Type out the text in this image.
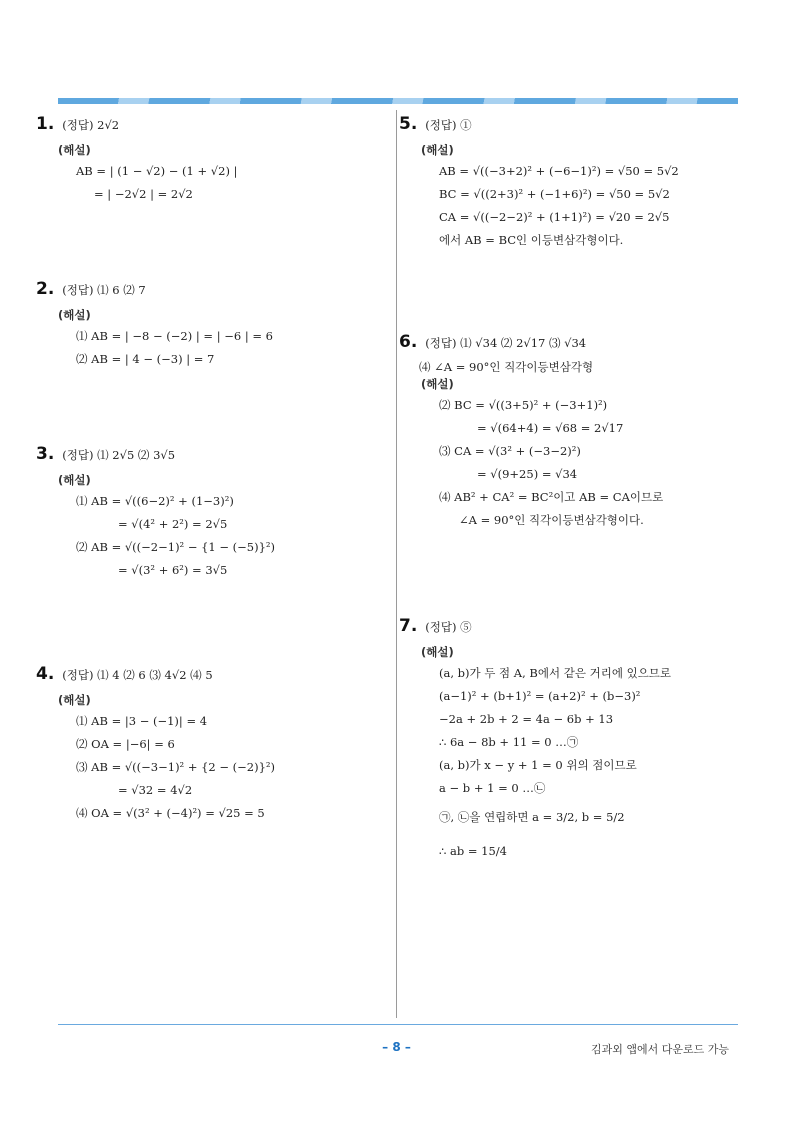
1. (정답) 2√2
(해설)
AB = | (1 − √2) − (1 + √2) |
= | −2√2 | = 2√2
2. (정답) ⑴ 6 ⑵ 7
(해설)
⑴ AB = | −8 − (−2) | = | −6 | = 6
⑵ AB = | 4 − (−3) | = 7
3. (정답) ⑴ 2√5 ⑵ 3√5
(해설)
⑴ AB = √((6−2)² + (1−3)²)
= √(4² + 2²) = 2√5
⑵ AB = √((−2−1)² − {1 − (−5)}²)
= √(3² + 6²) = 3√5
4. (정답) ⑴ 4 ⑵ 6 ⑶ 4√2 ⑷ 5
(해설)
⑴ AB = |3 − (−1)| = 4
⑵ OA = |−6| = 6
⑶ AB = √((−3−1)² + {2 − (−2)}²)
= √32 = 4√2
⑷ OA = √(3² + (−4)²) = √25 = 5
5. (정답) ①
(해설)
AB = √((−3+2)² + (−6−1)²) = √50 = 5√2
BC = √((2+3)² + (−1+6)²) = √50 = 5√2
CA = √((−2−2)² + (1+1)²) = √20 = 2√5
에서 AB = BC인 이등변삼각형이다.
6. (정답) ⑴ √34 ⑵ 2√17 ⑶ √34
⑷ ∠A = 90°인 직각이등변삼각형
(해설)
⑵ BC = √((3+5)² + (−3+1)²)
= √(64+4) = √68 = 2√17
⑶ CA = √(3² + (−3−2)²)
= √(9+25) = √34
⑷ AB² + CA² = BC²이고 AB = CA이므로
∠A = 90°인 직각이등변삼각형이다.
7. (정답) ⑤
(해설)
(a, b)가 두 점 A, B에서 같은 거리에 있으므로
(a−1)² + (b+1)² = (a+2)² + (b−3)²
−2a + 2b + 2 = 4a − 6b + 13
∴ 6a − 8b + 11 = 0 …㉠
(a, b)가 x − y + 1 = 0 위의 점이므로
a − b + 1 = 0 …㉡
㉠, ㉡을 연립하면 a = 3/2, b = 5/2
∴ ab = 15/4
– 8 –	김과외 앱에서 다운로드 가능
